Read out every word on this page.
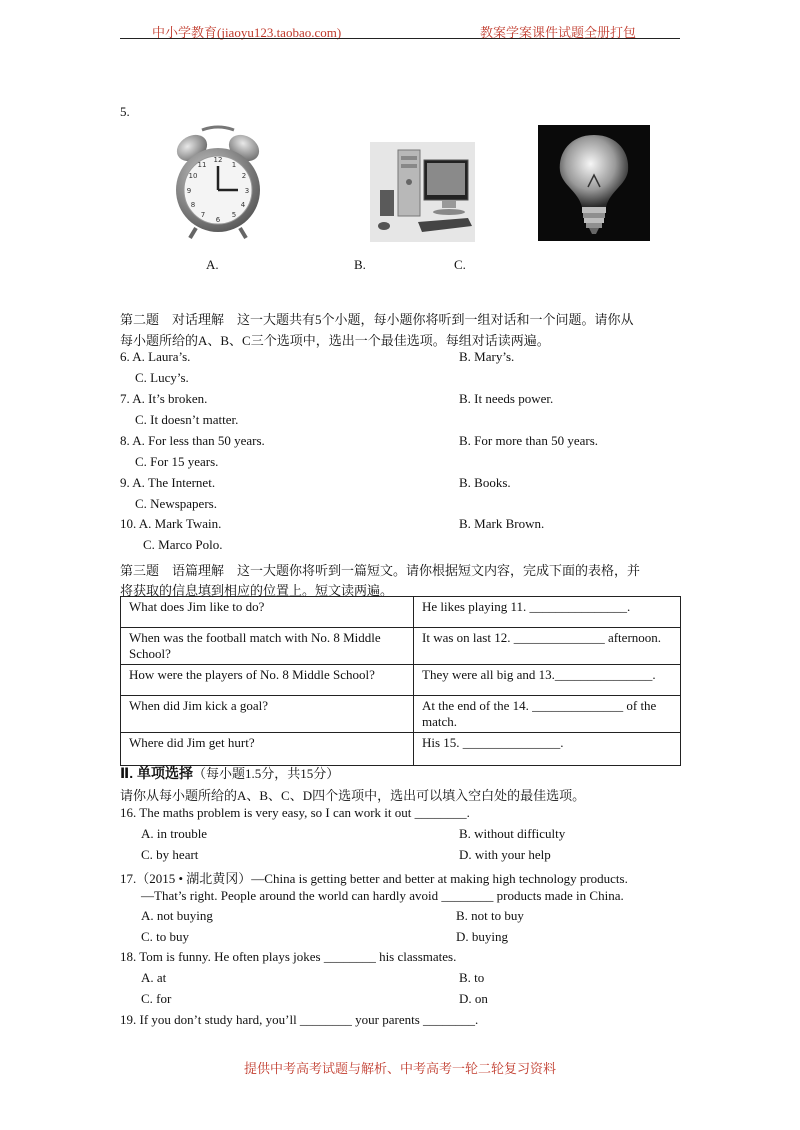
中小学教育(jiaoyu123.taobao.com)	教案学案课件试题全册打包
5.
12
1
2
3
4
5
6
7
8
9
10
11
A.	B.	C.
第二题　对话理解　这一大题共有5个小题，每小题你将听到一组对话和一个问题。请你从
每小题所给的A、B、C三个选项中，选出一个最佳选项。每组对话读两遍。
6. A. Laura’s.	B. Mary’s.
C. Lucy’s.
7. A. It’s broken.	B. It needs power.
C. It doesn’t matter.
8. A. For less than 50 years.	B. For more than 50 years.
C. For 15 years.
9. A. The Internet.	B. Books.
C. Newspapers.
10. A. Mark Twain.	B. Mark Brown.
C. Marco Polo.
第三题　语篇理解　这一大题你将听到一篇短文。请你根据短文内容，完成下面的表格，并
将获取的信息填到相应的位置上。短文读两遍。
What does Jim like to do?	He likes playing 11. _______________.
When was the football match with No. 8 Middle School?	It was on last 12. ______________ afternoon.
How were the players of No. 8 Middle School?	They were all big and 13._______________.
When did Jim kick a goal?	At the end of the 14. ______________ of the match.
Where did Jim get hurt?	His 15. _______________.
Ⅱ. 单项选择（每小题1.5分，共15分）
请你从每小题所给的A、B、C、D四个选项中，选出可以填入空白处的最佳选项。
16. The maths problem is very easy, so I can work it out ________.
A. in trouble	B. without difficulty
C. by heart	D. with your help
17.（2015 • 湖北黄冈）—China is getting better and better at making high technology products.
—That’s right. People around the world can hardly avoid ________ products made in China.
A. not buying	B. not to buy
C. to buy	D. buying
18. Tom is funny. He often plays jokes ________ his classmates.
A. at	B. to
C. for	D. on
19. If you don’t study hard, you’ll ________ your parents ________.
提供中考高考试题与解析、中考高考一轮二轮复习资料
